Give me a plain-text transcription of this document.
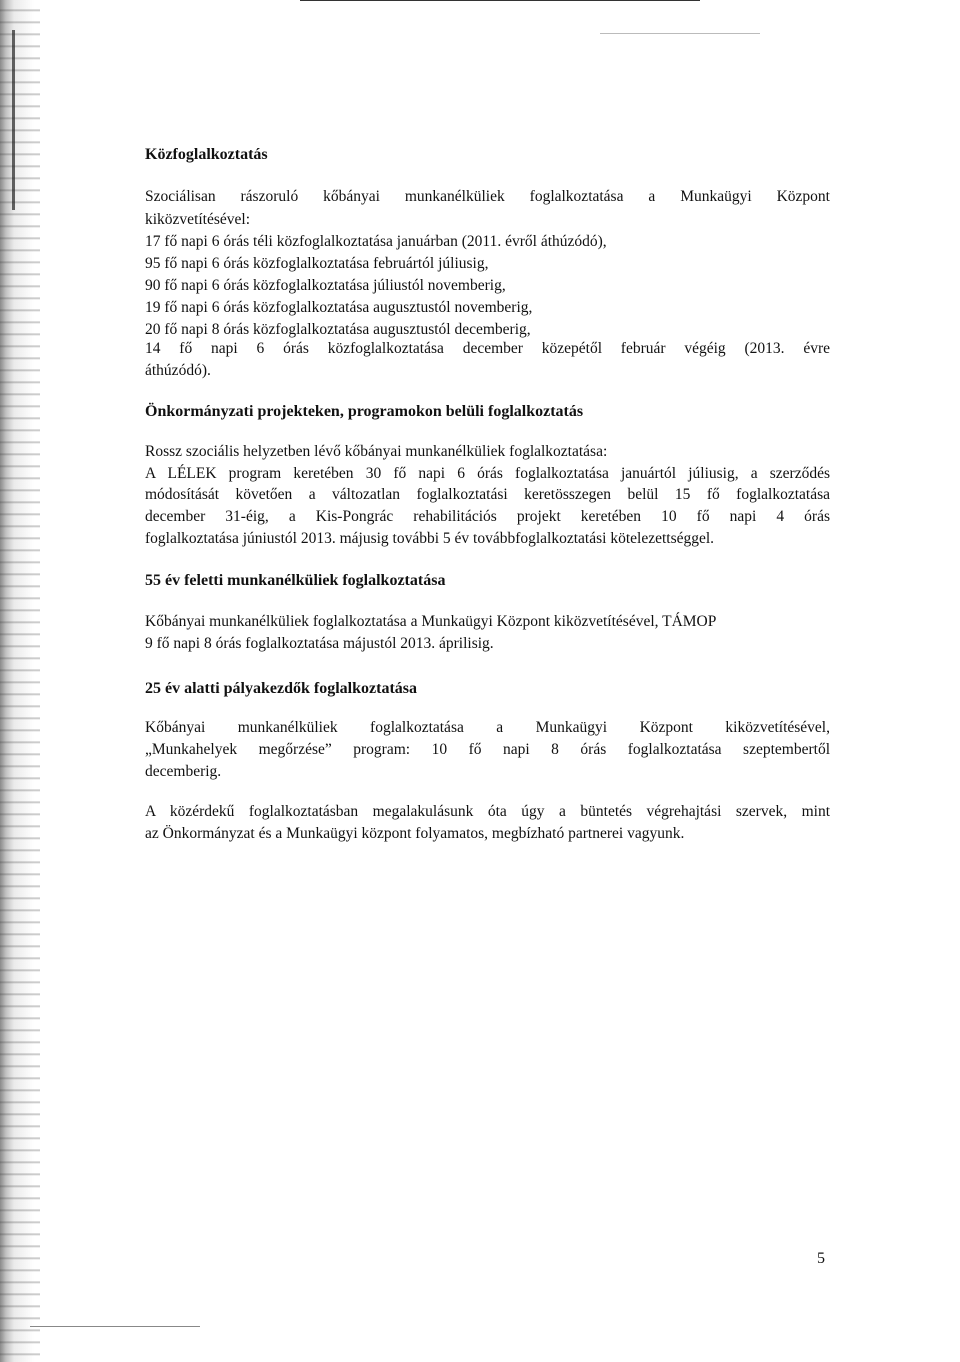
Közfoglalkoztatás

Szociálisan rászoruló kőbányai munkanélküliek foglalkoztatása a Munkaügyi Központ

kiközvetítésével:

17 fő napi 6 órás téli közfoglalkoztatása januárban (2011. évről áthúzódó),

95 fő napi 6 órás közfoglalkoztatása februártól júliusig,

90 fő napi 6 órás közfoglalkoztatása júliustól novemberig,

19 fő napi 6 órás közfoglalkoztatása augusztustól novemberig,

20 fő napi 8 órás közfoglalkoztatása augusztustól decemberig,

14 fő napi 6 órás közfoglalkoztatása december közepétől február végéig (2013. évre

áthúzódó).

Önkormányzati projekteken, programokon belüli foglalkoztatás

Rossz szociális helyzetben lévő kőbányai munkanélküliek foglalkoztatása:

A LÉLEK program keretében 30 fő napi 6 órás foglalkoztatása januártól júliusig, a szerződés

módosítását követően a változatlan foglalkoztatási keretösszegen belül 15 fő foglalkoztatása

december 31-éig, a Kis-Pongrác rehabilitációs projekt keretében 10 fő napi 4 órás

foglalkoztatása júniustól 2013. májusig további 5 év továbbfoglalkoztatási kötelezettséggel.

55 év feletti munkanélküliek foglalkoztatása

Kőbányai munkanélküliek foglalkoztatása a Munkaügyi Központ kiközvetítésével, TÁMOP

9 fő napi 8 órás foglalkoztatása májustól 2013. áprilisig.

25 év alatti pályakezdők foglalkoztatása

Kőbányai munkanélküliek foglalkoztatása a Munkaügyi Központ kiközvetítésével,

„Munkahelyek megőrzése” program: 10 fő napi 8 órás foglalkoztatása szeptembertől

decemberig.

A közérdekű foglalkoztatásban megalakulásunk óta úgy a büntetés végrehajtási szervek, mint

az Önkormányzat és a Munkaügyi központ folyamatos, megbízható partnerei vagyunk.

5
